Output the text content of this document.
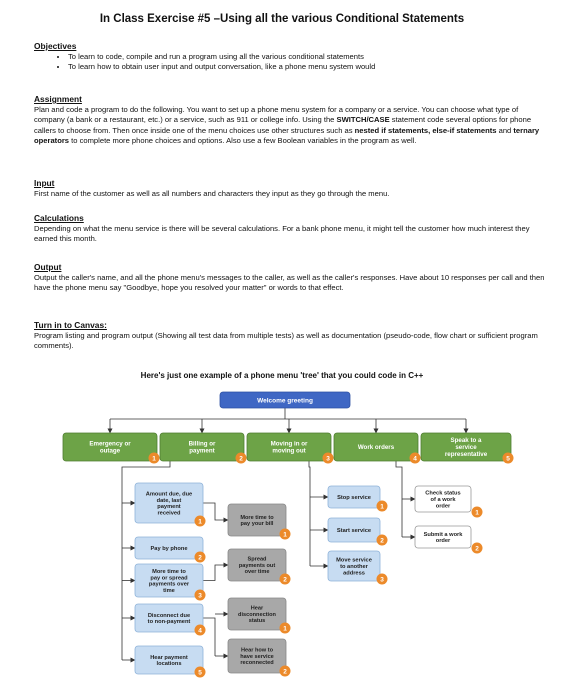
In Class Exercise #5 –Using all the various Conditional Statements
Objectives
• To learn to code, compile and run a program using all the various conditional statements
• To learn how to obtain user input and output conversation, like a phone menu system would
Assignment

Plan and code a program to do the following. You want to set up a phone menu system for a company or a service. You can choose what type of company (a bank or a restaurant, etc.) or a service, such as 911 or college info. Using the SWITCH/CASE statement code several options for phone callers to choose from. Then once inside one of the menu choices use other structures such as nested if statements, else-if statements and ternary operators to complete more phone choices and options. Also use a few Boolean variables in the program as well.

Input

First name of the customer as well as all numbers and characters they input as they go through the menu.

Calculations

Depending on what the menu service is there will be several calculations. For a bank phone menu, it might tell the customer how much interest they earned this month.

Output

Output the caller's name, and all the phone menu's messages to the caller, as well as the caller's responses. Have about 10 responses per call and then have the phone menu say "Goodbye, hope you resolved your matter" or words to that effect.

Turn in to Canvas:

Program listing and program output (Showing all test data from multiple tests) as well as documentation (pseudo-code, flow chart or sufficient program comments).

Here's just one example of a phone menu 'tree' that you could code in C++
Welcome greeting
Emergency or outage
1
Billing or payment
2
Moving in or moving out
3
Work orders
4
Speak to a service representative
5
Amount due, due date, last payment received
1
Pay by phone
2
More time to pay or spread payments over time
3
Disconnect due to non-payment
4
Hear payment locations
5
More time to pay your bill
1
Spread payments out over time
2
Hear disconnection status
1
Hear how to have service reconnected
2
Stop service
1
Start service
2
Move service to another address
3
Check status of a work order
1
Submit a work order
2
